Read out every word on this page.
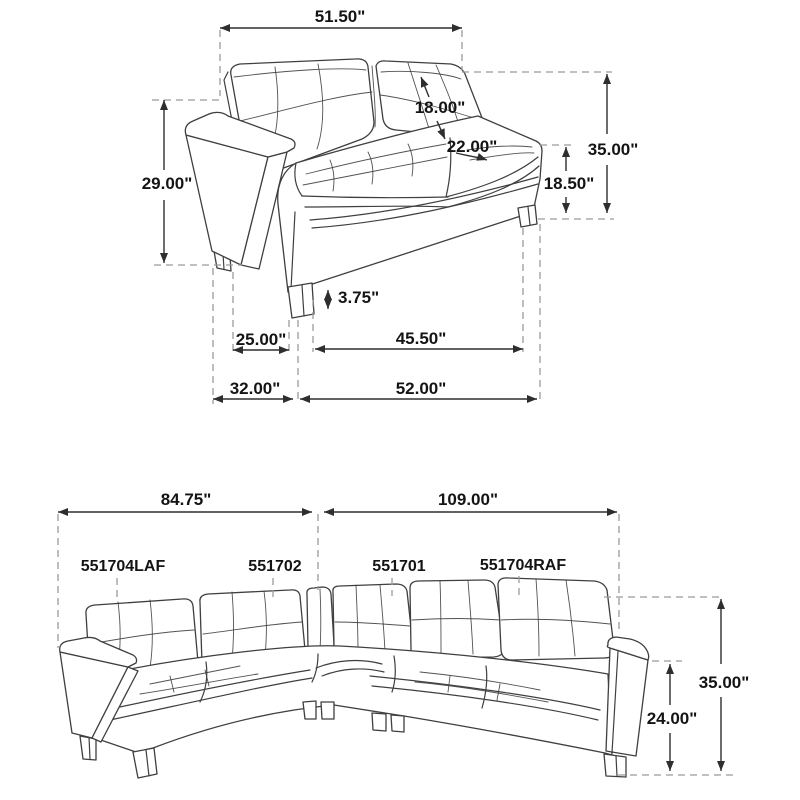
51.50"
29.00"
18.00"
22.00"	35.00"
18.50"
3.75"
25.00"	45.50"
32.00"	52.00"
551704LAF	551702	551701	551704RAF
84.75"	109.00"
35.00"
24.00"
